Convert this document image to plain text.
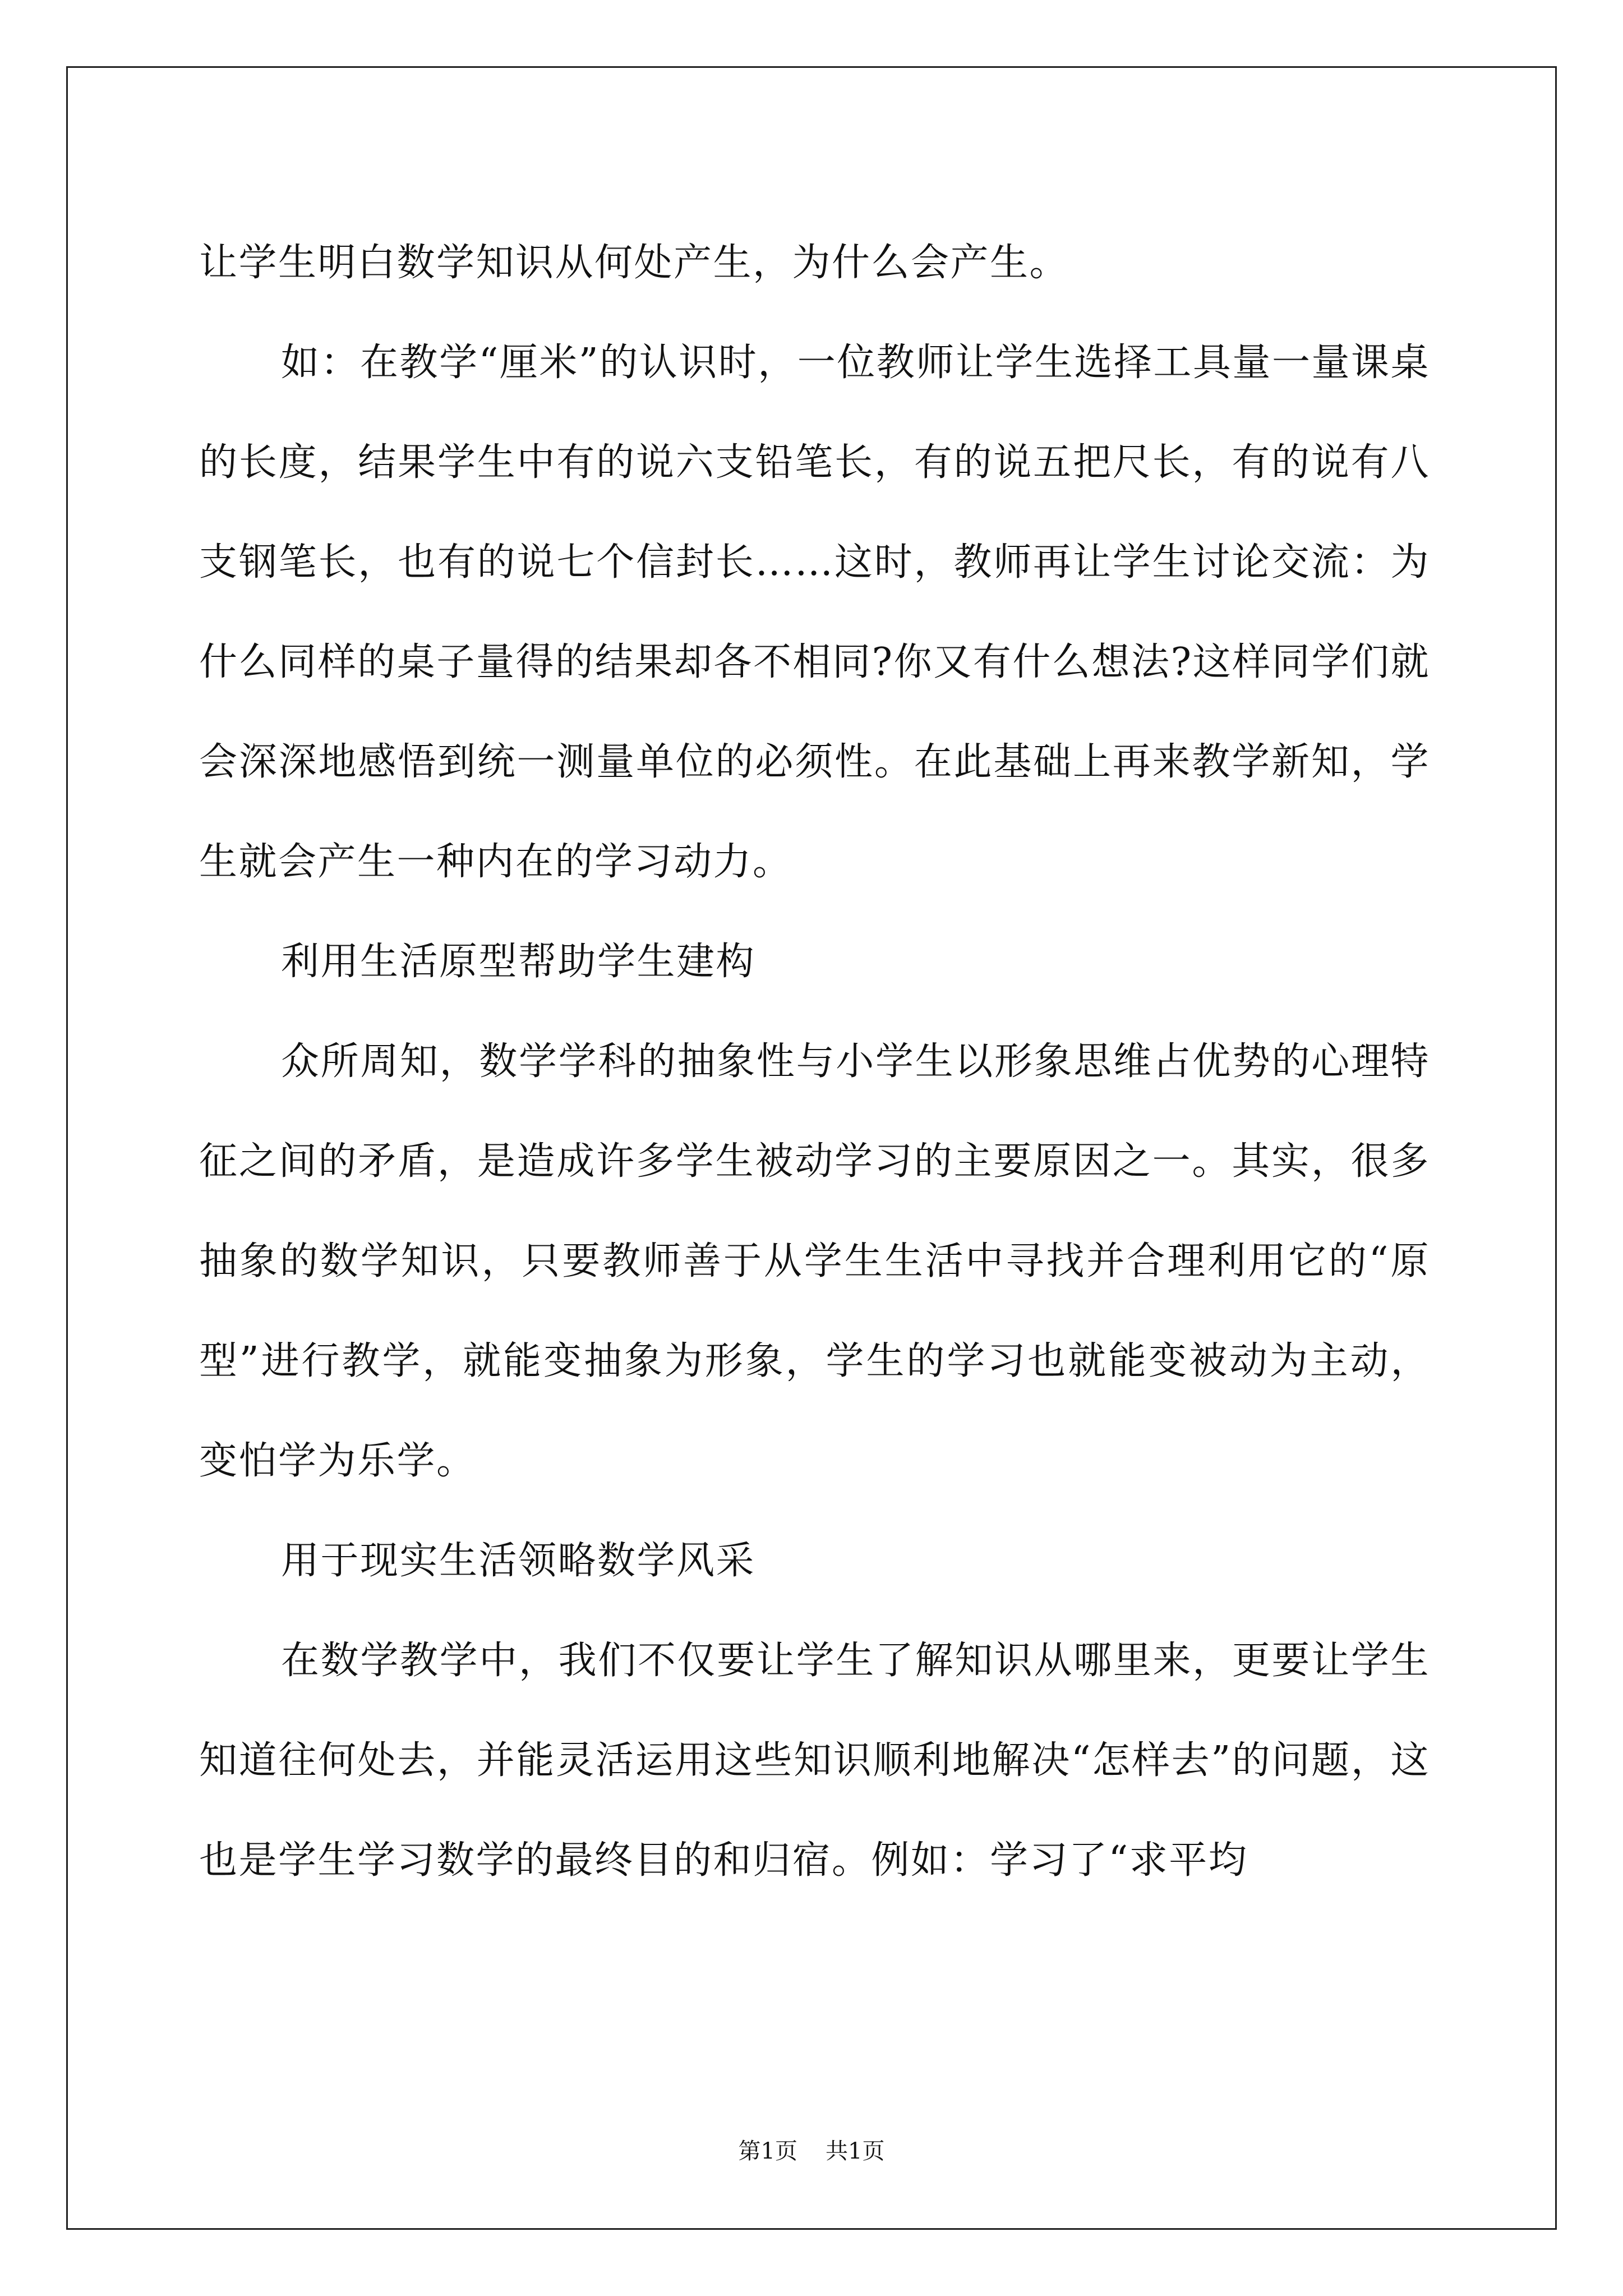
让学生明白数学知识从何处产生，为什么会产生。

如：在教学“厘米”的认识时，一位教师让学生选择工具量一量课桌的长度，结果学生中有的说六支铅笔长，有的说五把尺长，有的说有八支钢笔长，也有的说七个信封长……这时，教师再让学生讨论交流：为什么同样的桌子量得的结果却各不相同?你又有什么想法?这样同学们就会深深地感悟到统一测量单位的必须性。在此基础上再来教学新知，学生就会产生一种内在的学习动力。

利用生活原型帮助学生建构

众所周知，数学学科的抽象性与小学生以形象思维占优势的心理特征之间的矛盾，是造成许多学生被动学习的主要原因之一。其实，很多抽象的数学知识，只要教师善于从学生生活中寻找并合理利用它的“原型”进行教学，就能变抽象为形象，学生的学习也就能变被动为主动，变怕学为乐学。

用于现实生活领略数学风采

在数学教学中，我们不仅要让学生了解知识从哪里来，更要让学生知道往何处去，并能灵活运用这些知识顺利地解决“怎样去”的问题，这也是学生学习数学的最终目的和归宿。例如：学习了“求平均

第1页 共1页
